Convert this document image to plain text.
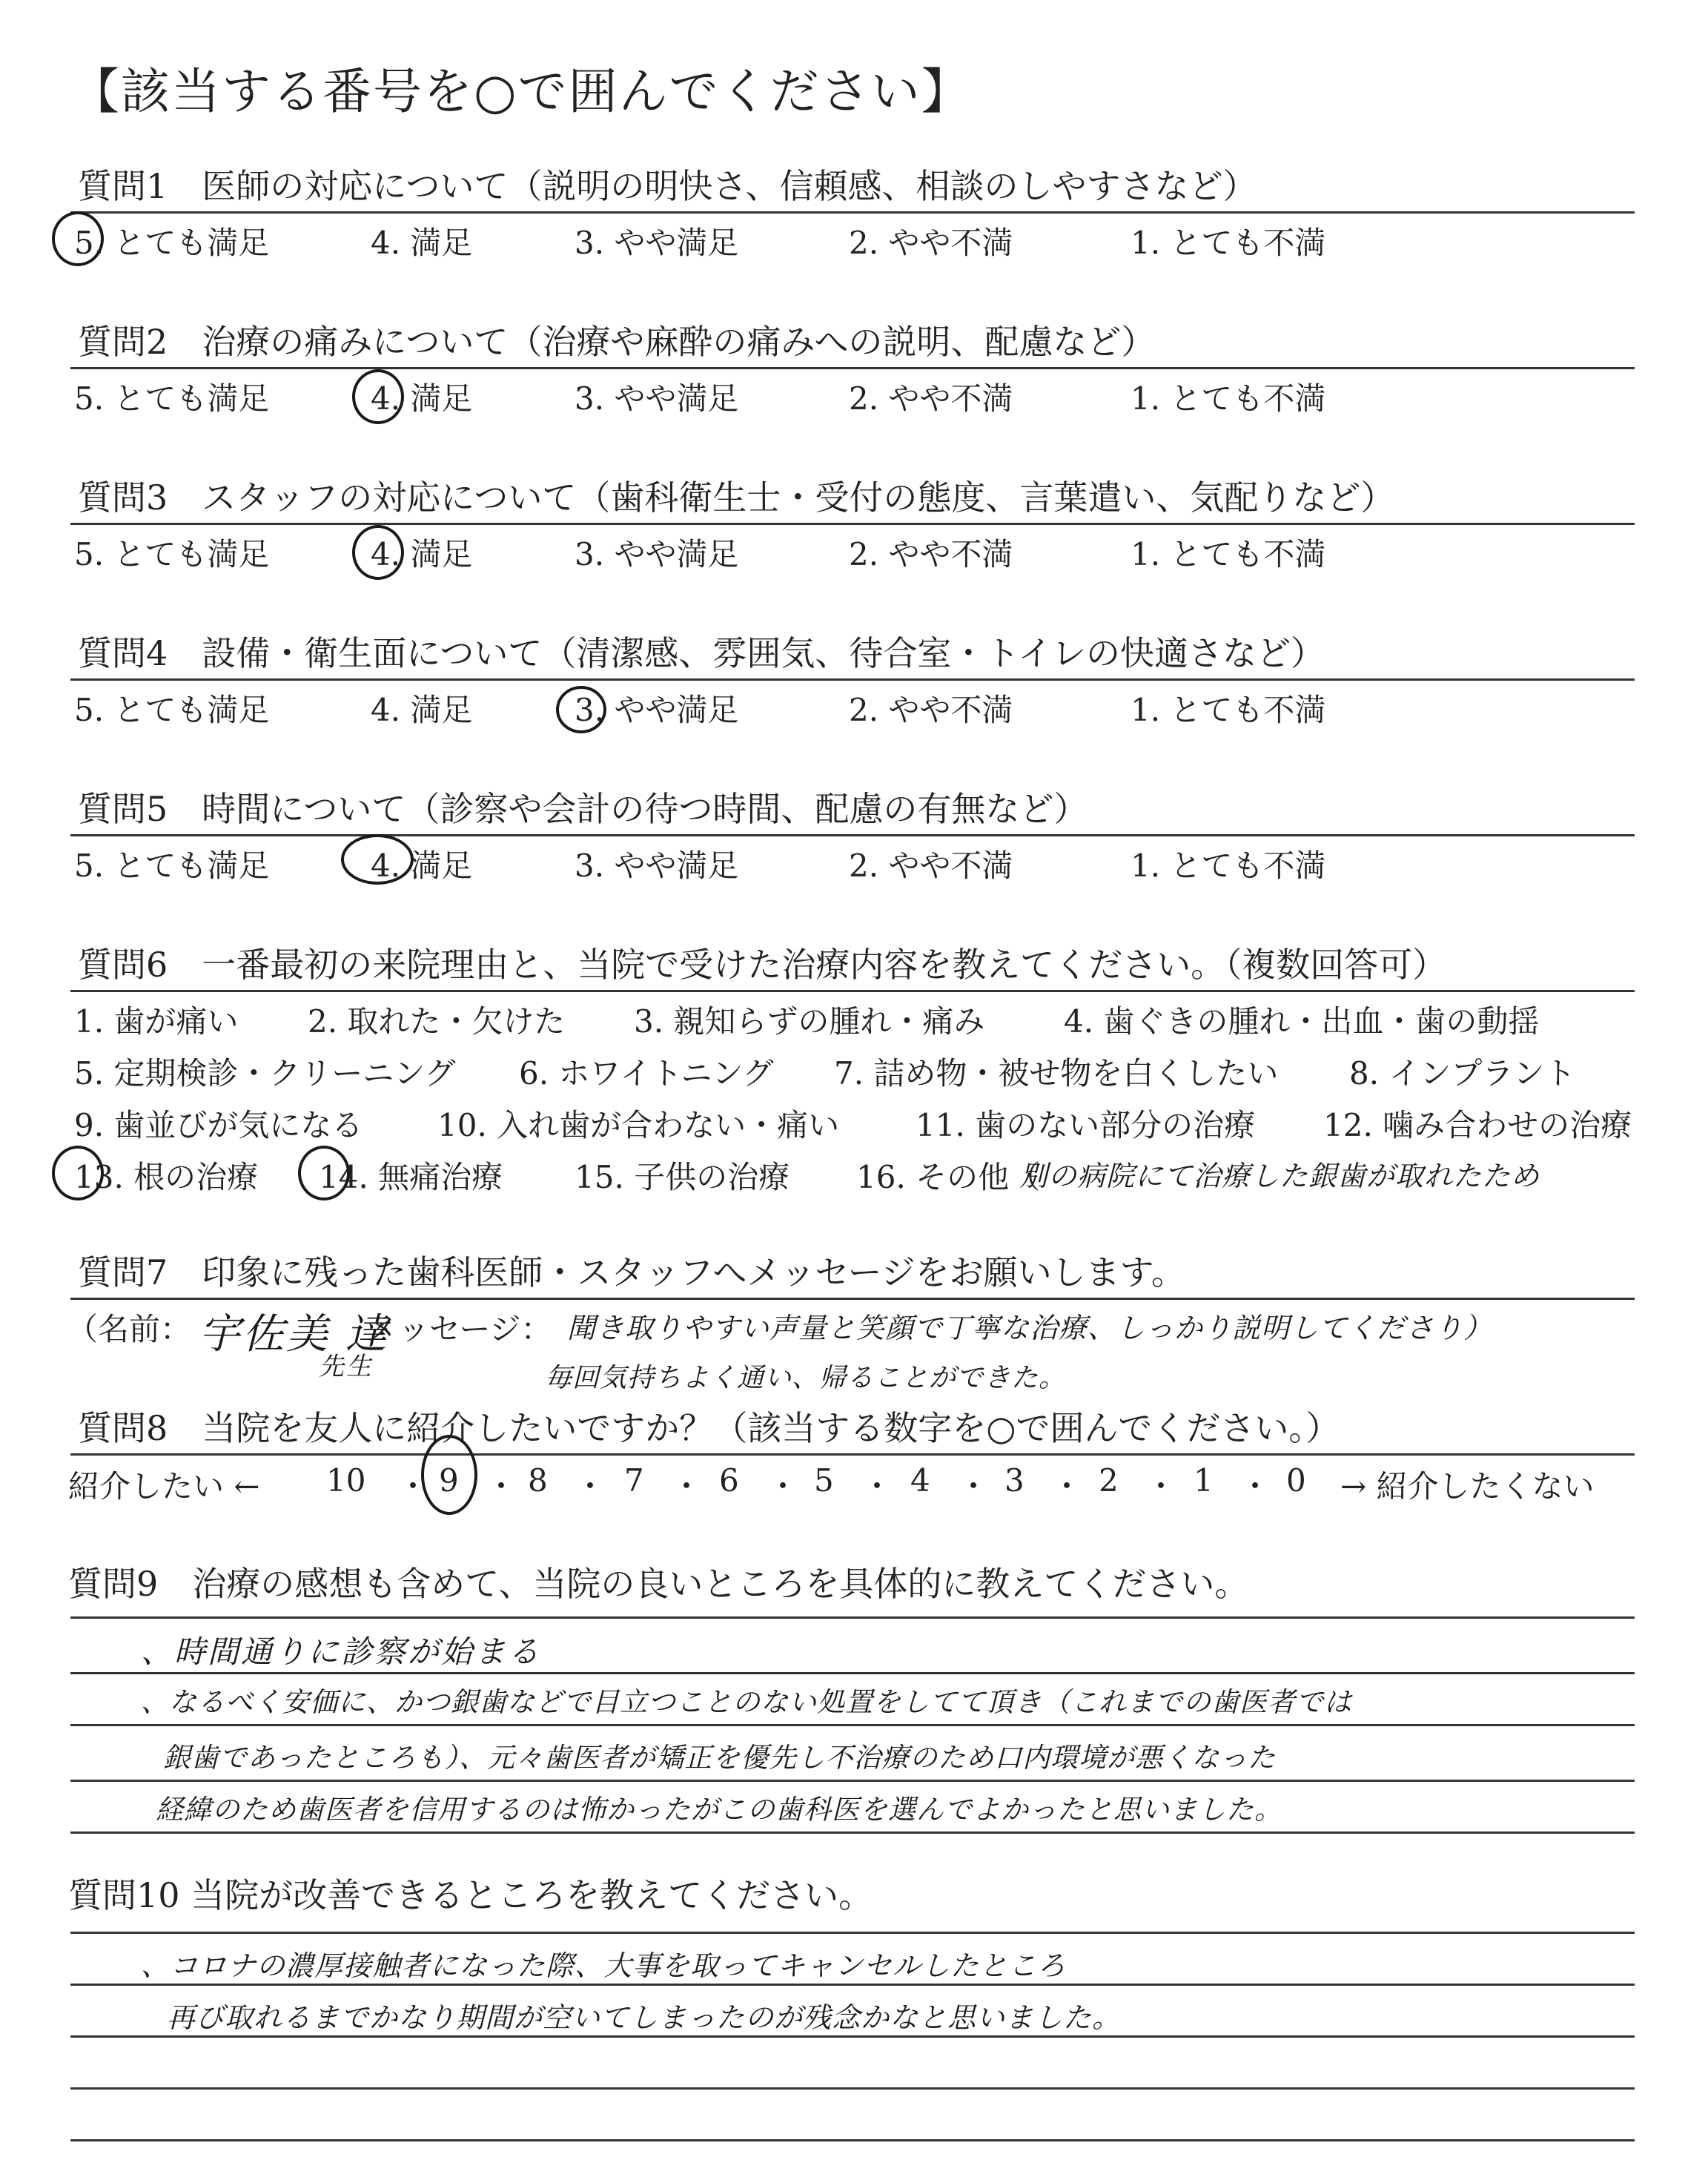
【該当する番号を○で囲んでください】
質問1　医師の対応について（説明の明快さ、信頼感、相談のしやすさなど）
5. とても満足	4. 満足	3. やや満足	2. やや不満	1. とても不満
質問2　治療の痛みについて（治療や麻酔の痛みへの説明、配慮など）
5. とても満足	4. 満足	3. やや満足	2. やや不満	1. とても不満
質問3　スタッフの対応について（歯科衛生士・受付の態度、言葉遣い、気配りなど）
5. とても満足	4. 満足	3. やや満足	2. やや不満	1. とても不満
質問4　設備・衛生面について（清潔感、雰囲気、待合室・トイレの快適さなど）
5. とても満足	4. 満足	3. やや満足	2. やや不満	1. とても不満
質問5　時間について（診察や会計の待つ時間、配慮の有無など）
5. とても満足	4. 満足	3. やや満足	2. やや不満	1. とても不満
質問6　一番最初の来院理由と、当院で受けた治療内容を教えてください。（複数回答可）
1. 歯が痛い 2. 取れた・欠けた 3. 親知らずの腫れ・痛み	4. 歯ぐきの腫れ・出血・歯の動揺
5. 定期検診・クリーニング 6. ホワイトニング 7. 詰め物・被せ物を白くしたい 8. インプラント
9. 歯並びが気になる 10. 入れ歯が合わない・痛い 11. 歯のない部分の治療 12. 噛み合わせの治療
13. 根の治療 14. 無痛治療 15. 子供の治療 16. その他（
別の病院にて治療した銀歯が取れたため
質問7　印象に残った歯科医師・スタッフへメッセージをお願いします。
（名前： 宇佐美 達
先生
メッセージ： 聞き取りやすい声量と笑顔で丁寧な治療、しっかり説明してくださり）
毎回気持ちよく通い、帰ることができた。
質問8　当院を友人に紹介したいですか？（該当する数字を○で囲んでください。）
紹介したい ← 10 ・ 9 ・ 8 ・ 7 ・ 6 ・ 5 ・ 4 ・ 3 ・ 2 ・ 1 ・ 0 → 紹介したくない
質問9　治療の感想も含めて、当院の良いところを具体的に教えてください。
、時間通りに診察が始まる
、なるべく安価に、かつ銀歯などで目立つことのない処置をしてて頂き（これまでの歯医者では
銀歯であったところも）、元々歯医者が矯正を優先し不治療のため口内環境が悪くなった
経緯のため歯医者を信用するのは怖かったがこの歯科医を選んでよかったと思いました。
質問10 当院が改善できるところを教えてください。
、コロナの濃厚接触者になった際、大事を取ってキャンセルしたところ
再び取れるまでかなり期間が空いてしまったのが残念かなと思いました。
